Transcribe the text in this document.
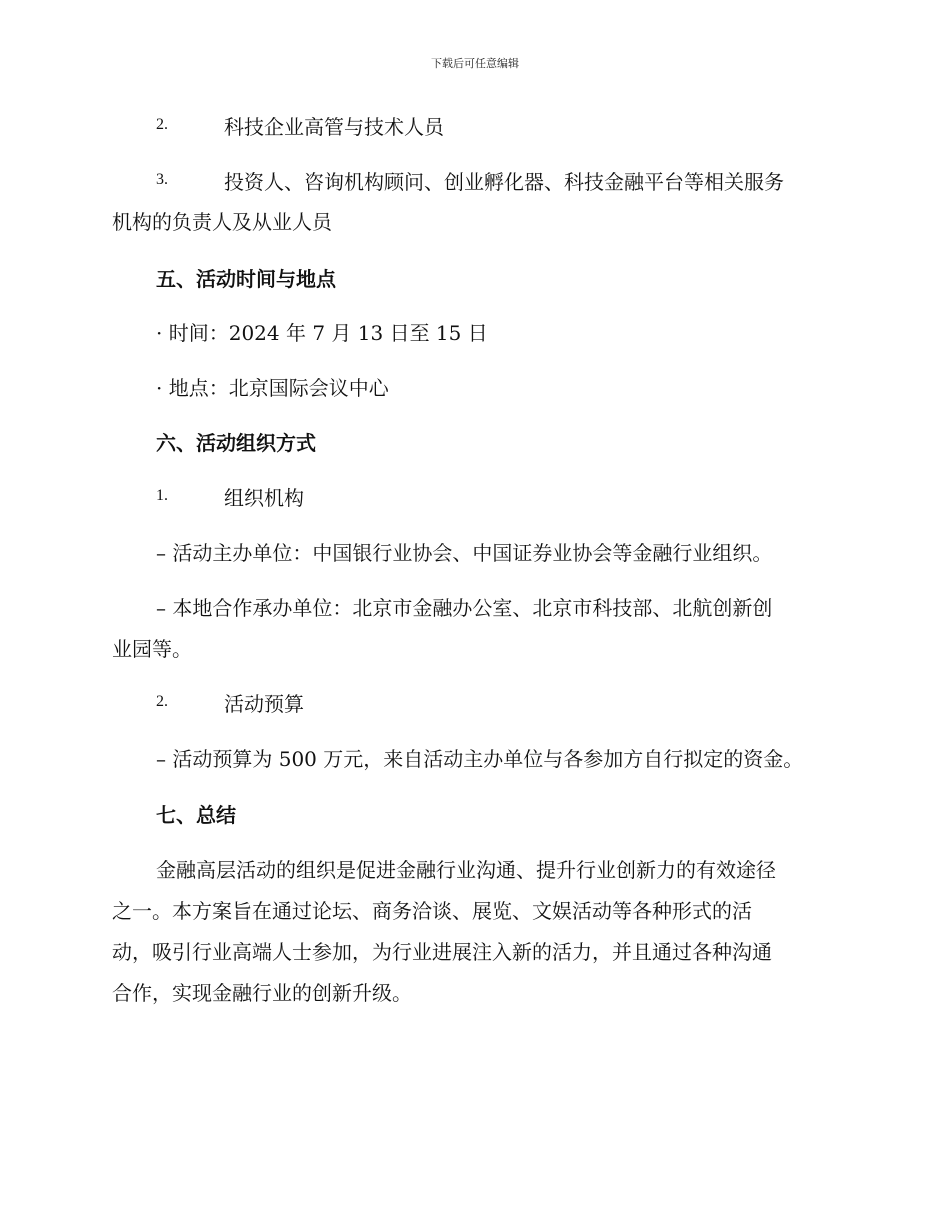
下载后可任意编辑
2.	科技企业高管与技术人员
3.	投资人、咨询机构顾问、创业孵化器、科技金融平台等相关服务
机构的负责人及从业人员
五、活动时间与地点
· 时间：2024 年 7 月 13 日至 15 日
· 地点：北京国际会议中心
六、活动组织方式
1.	组织机构
– 活动主办单位：中国银行业协会、中国证券业协会等金融行业组织。
– 本地合作承办单位：北京市金融办公室、北京市科技部、北航创新创
业园等。
2.	活动预算
– 活动预算为 500 万元，来自活动主办单位与各参加方自行拟定的资金。
七、总结
金融高层活动的组织是促进金融行业沟通、提升行业创新力的有效途径
之一。本方案旨在通过论坛、商务洽谈、展览、文娱活动等各种形式的活
动，吸引行业高端人士参加，为行业进展注入新的活力，并且通过各种沟通
合作，实现金融行业的创新升级。
